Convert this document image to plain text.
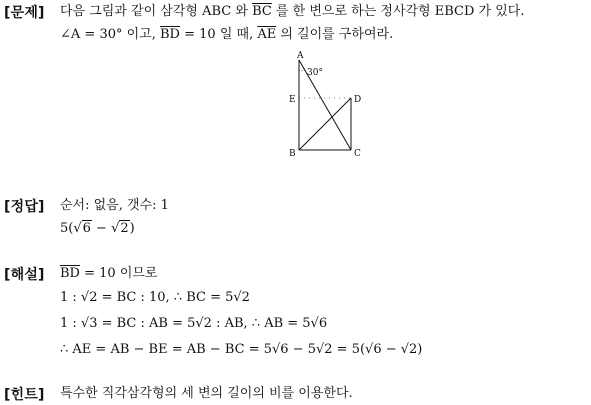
[문제] 다음 그림과 같이 삼각형 ABC 와 $\overline{BC}$ 를 한 변으로 하는 정사각형 EBCD 가 있다.
∠A = 30° 이고, $\overline{BD} = 10$ 일 때, $\overline{AE}$ 의 길이를 구하여라.
A
30°
E	D
B	C
[정답] 순서: 없음, 갯수: 1
5(√6 − √2)
[해설] $\overline{BD} = 10$ 이므로
1 : √2 = BC : 10, ∴ BC = 5√2
1 : √3 = BC : AB = 5√2 : AB, ∴ AB = 5√6
∴ AE = AB − BE = AB − BC = 5√6 − 5√2 = 5(√6 − √2)
[힌트] 특수한 직각삼각형의 세 변의 길이의 비를 이용한다.
